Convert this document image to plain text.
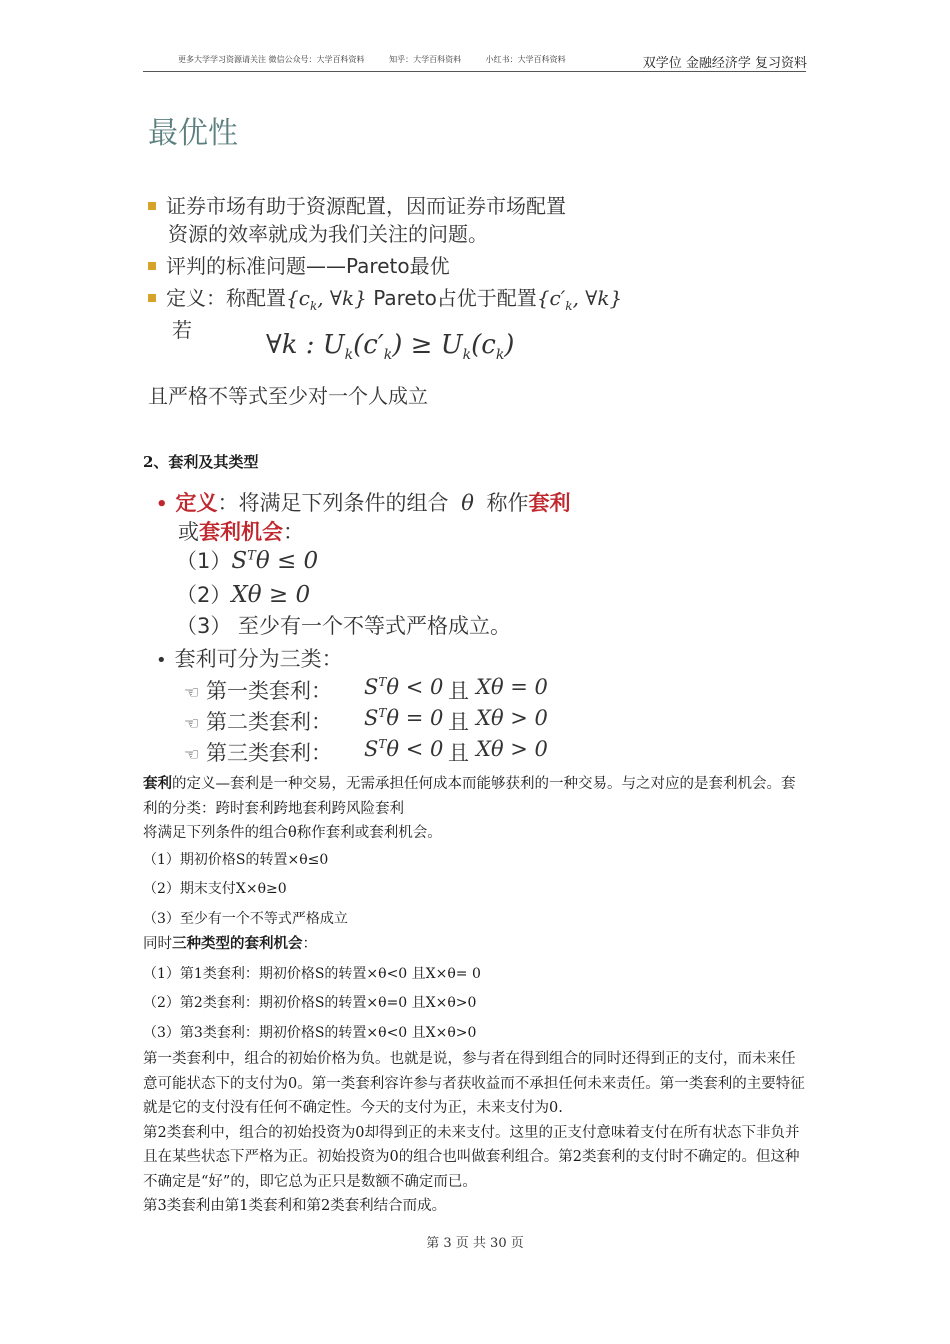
更多大学学习资源请关注 微信公众号：大学百科资料	知乎：大学百科资料	小红书：大学百科资料	双学位 金融经济学 复习资料
最优性
证券市场有助于资源配置，因而证券市场配置
资源的效率就成为我们关注的问题。
评判的标准问题——Pareto最优
定义：称配置{$c_k$, ∀k} Pareto占优于配置{$c'_k$, ∀k}
若	∀k : $U_k(c'_k) \ge U_k(c_k)$
且严格不等式至少对一个人成立
2、套利及其类型
• 定义：将满足下列条件的组合 θ 称作套利
或套利机会：
$(1)S^T\theta \le 0$
（2）Xθ ≥ 0
（3） 至少有一个不等式严格成立。
• 套利可分为三类：
☜ 第一类套利： $S^T\theta < 0$ 且 Xθ = 0
☜ 第二类套利： $S^T\theta = 0$ 且 Xθ > 0
☜ 第三类套利： $S^T\theta < 0$ 且 Xθ > 0

套利的定义—套利是一种交易，无需承担任何成本而能够获利的一种交易。与之对应的是套利机会。套利的分类：跨时套利跨地套利跨风险套利

将满足下列条件的组合θ称作套利或套利机会。

（1）期初价格S的转置×θ≤0

（2）期末支付X×θ≥0

（3）至少有一个不等式严格成立

同时三种类型的套利机会：

（1）第1类套利：期初价格S的转置×θ<0 且X×θ= 0

（2）第2类套利：期初价格S的转置×θ=0 且X×θ>0

（3）第3类套利：期初价格S的转置×θ<0 且X×θ>0

第一类套利中，组合的初始价格为负。也就是说，参与者在得到组合的同时还得到正的支付，而未来任意可能状态下的支付为0。第一类套利容许参与者获收益而不承担任何未来责任。第一类套利的主要特征就是它的支付没有任何不确定性。今天的支付为正，未来支付为0.

第2类套利中，组合的初始投资为0却得到正的未来支付。这里的正支付意味着支付在所有状态下非负并且在某些状态下严格为正。初始投资为0的组合也叫做套利组合。第2类套利的支付时不确定的。但这种不确定是“好”的，即它总为正只是数额不确定而已。

第3类套利由第1类套利和第2类套利结合而成。

第 3 页 共 30 页
